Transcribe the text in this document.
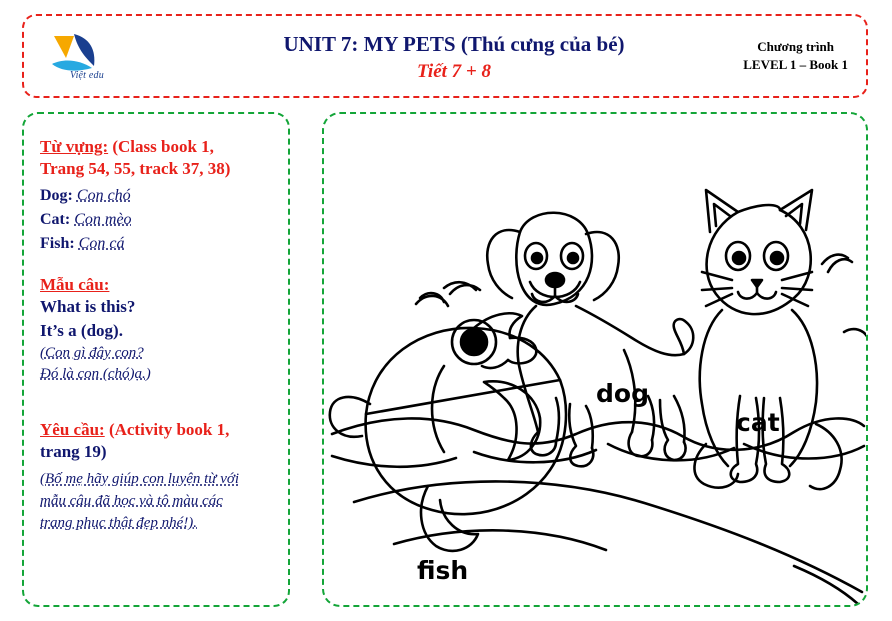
Việt edu
UNIT 7: MY PETS (Thú cưng của bé)
Tiết 7 + 8
Chương trình
LEVEL 1 – Book 1
Từ vựng: (Class book 1,
Trang 54, 55, track 37, 38)
Dog: Con chó
Cat: Con mèo
Fish: Con cá
Mẫu câu:
What is this?
It’s a (dog).
(Con gì đây con?
Đó là con (chó)ạ.)
Yêu cầu: (Activity book 1,
trang 19)
(Bố mẹ hãy giúp con luyện từ với
mẫu câu đã học và tô màu các
trang phục thật đẹp nhé!).
dog
cat
fish
